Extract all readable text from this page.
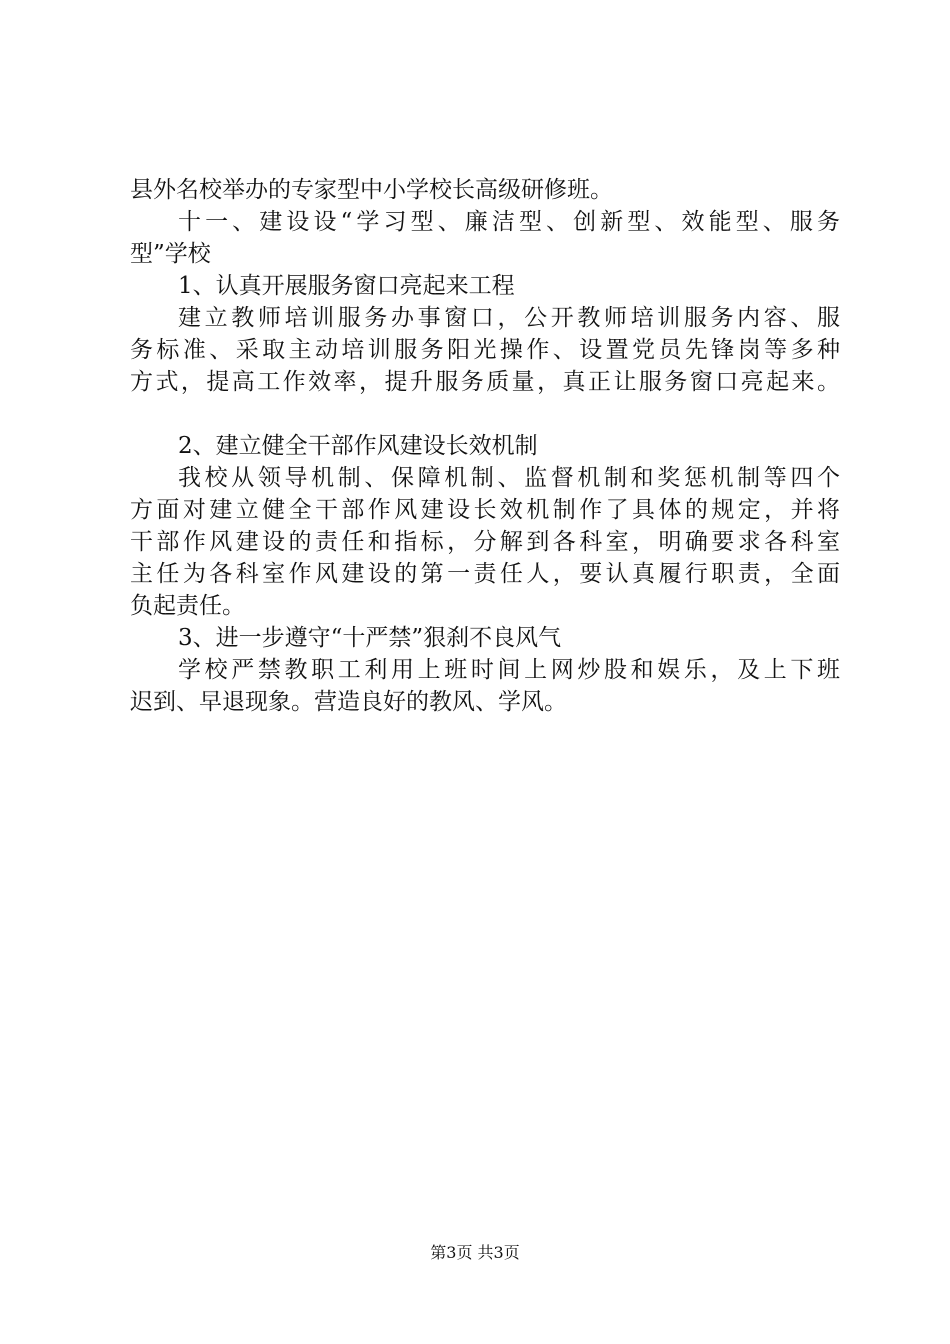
县外名校举办的专家型中小学校长高级研修班。
十一、建设设“学习型、廉洁型、创新型、效能型、服务
型”学校
1、认真开展服务窗口亮起来工程
建立教师培训服务办事窗口，公开教师培训服务内容、服
务标准、采取主动培训服务阳光操作、设置党员先锋岗等多种
方式，提高工作效率，提升服务质量，真正让服务窗口亮起来。
2、建立健全干部作风建设长效机制
我校从领导机制、保障机制、监督机制和奖惩机制等四个
方面对建立健全干部作风建设长效机制作了具体的规定，并将
干部作风建设的责任和指标，分解到各科室，明确要求各科室
主任为各科室作风建设的第一责任人，要认真履行职责，全面
负起责任。
3、进一步遵守“十严禁”狠刹不良风气
学校严禁教职工利用上班时间上网炒股和娱乐，及上下班
迟到、早退现象。营造良好的教风、学风。
第3页 共3页
